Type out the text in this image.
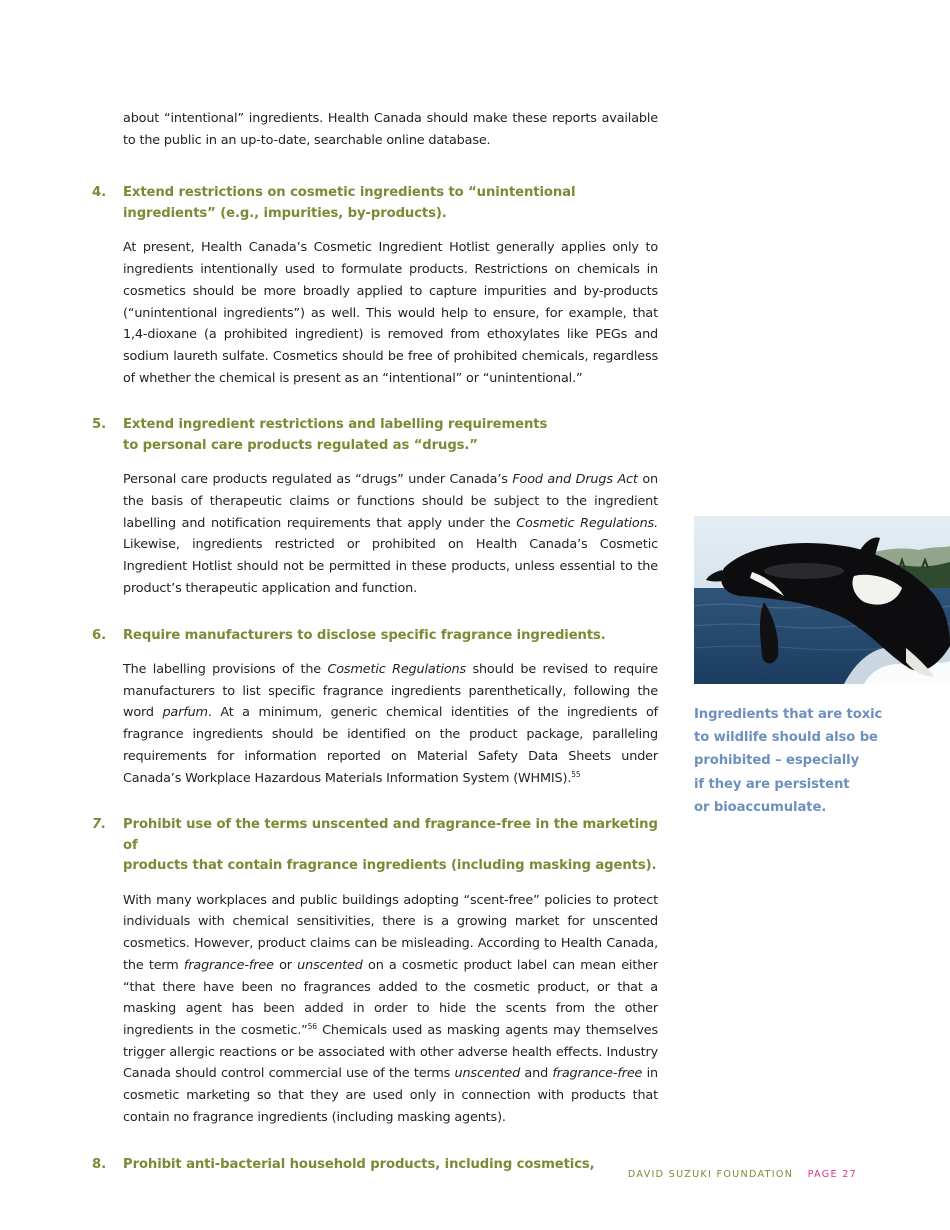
about “intentional” ingredients. Health Canada should make these reports available to the public in an up-to-date, searchable online database.

4.	Extend restrictions on cosmetic ingredients to “unintentional
ingredients” (e.g., impurities, by-products).

At present, Health Canada’s Cosmetic Ingredient Hotlist generally applies only to ingredients intentionally used to formulate products. Restrictions on chemicals in cosmetics should be more broadly applied to capture impurities and by-products (“unintentional ingredients”) as well. This would help to ensure, for example, that 1,4-dioxane (a prohibited ingredient) is removed from ethoxylates like PEGs and sodium laureth sulfate. Cosmetics should be free of prohibited chemicals, regardless of whether the chemical is present as an “intentional” or “unintentional.”

5.	Extend ingredient restrictions and labelling requirements
to personal care products regulated as “drugs.”

Personal care products regulated as “drugs” under Canada’s Food and Drugs Act on the basis of therapeutic claims or functions should be subject to the ingredient labelling and notification requirements that apply under the Cosmetic Regulations. Likewise, ingredients restricted or prohibited on Health Canada’s Cosmetic Ingredient Hotlist should not be permitted in these products, unless essential to the product’s therapeutic application and function.

6.	Require manufacturers to disclose specific fragrance ingredients.

The labelling provisions of the Cosmetic Regulations should be revised to require manufacturers to list specific fragrance ingredients parenthetically, following the word parfum. At a minimum, generic chemical identities of the ingredients of fragrance ingredients should be identified on the product package, paralleling requirements for information reported on Material Safety Data Sheets under Canada’s Workplace Hazardous Materials Information System (WHMIS).$^{55}$

7.	Prohibit use of the terms unscented and fragrance-free in the marketing of
products that contain fragrance ingredients (including masking agents).

With many workplaces and public buildings adopting “scent-free” policies to protect individuals with chemical sensitivities, there is a growing market for unscented cosmetics. However, product claims can be misleading. According to Health Canada, the term fragrance-free or unscented on a cosmetic product label can mean either “that there have been no fragrances added to the cosmetic product, or that a masking agent has been added in order to hide the scents from the other ingredients in the cosmetic.”$^{56}$ Chemicals used as masking agents may themselves trigger allergic reactions or be associated with other adverse health effects. Industry Canada should control commercial use of the terms unscented and fragrance-free in cosmetic marketing so that they are used only in connection with products that contain no fragrance ingredients (including masking agents).

8.	Prohibit anti-bacterial household products, including cosmetics,
Ingredients that are toxic
to wildlife should also be
prohibited – especially
if they are persistent
or bioaccumulate.
DAVID SUZUKI FOUNDATION PAGE 27
